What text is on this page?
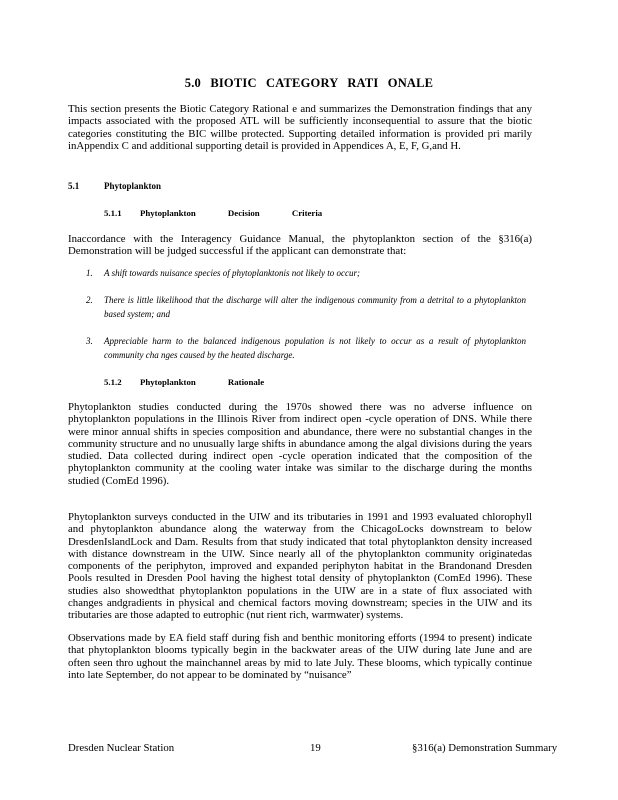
5.0 BIOTIC CATEGORY RATI ONALE

This section presents the Biotic Category Rational e and summarizes the Demonstration findings that any impacts associated with the proposed ATL will be sufficiently inconsequential to assure that the biotic categories constituting the BIC willbe protected. Supporting detailed information is provided pri marily inAppendix C and additional supporting detail is provided in Appendices A, E, F, G,and H.

5.1	Phytoplankton
5.1.1 Phytoplankton Decision Criteria

Inaccordance with the Interagency Guidance Manual, the phytoplankton section of the §316(a) Demonstration will be judged successful if the applicant can demonstrate that:

1. A shift towards nuisance species of phytoplanktonis not likely to occur;
2. There is little likelihood that the discharge will alter the indigenous community from a detrital to a phytoplankton based system; and
3. Appreciable harm to the balanced indigenous population is not likely to occur as a result of phytoplankton community cha nges caused by the heated discharge.
5.1.2 Phytoplankton Rationale

Phytoplankton studies conducted during the 1970s showed there was no adverse influence on phytoplankton populations in the Illinois River from indirect open -cycle operation of DNS. While there were minor annual shifts in species composition and abundance, there were no substantial changes in the community structure and no unusually large shifts in abundance among the algal divisions during the years studied. Data collected during indirect open -cycle operation indicated that the composition of the phytoplankton community at the cooling water intake was similar to the discharge during the months studied (ComEd 1996).

Phytoplankton surveys conducted in the UIW and its tributaries in 1991 and 1993 evaluated chlorophyll and phytoplankton abundance along the waterway from the ChicagoLocks downstream to below DresdenIslandLock and Dam. Results from that study indicated that total phytoplankton density increased with distance downstream in the UIW. Since nearly all of the phytoplankton community originatedas components of the periphyton, improved and expanded periphyton habitat in the Brandonand Dresden Pools resulted in Dresden Pool having the highest total density of phytoplankton (ComEd 1996). These studies also showedthat phytoplankton populations in the UIW are in a state of flux associated with changes andgradients in physical and chemical factors moving downstream; species in the UIW and its tributaries are those adapted to eutrophic (nut rient rich, warmwater) systems.

Observations made by EA field staff during fish and benthic monitoring efforts (1994 to present) indicate that phytoplankton blooms typically begin in the backwater areas of the UIW during late June and are often seen thro ughout the mainchannel areas by mid to late July. These blooms, which typically continue into late September, do not appear to be dominated by “nuisance”

Dresden Nuclear Station	19	§316(a) Demonstration Summary
